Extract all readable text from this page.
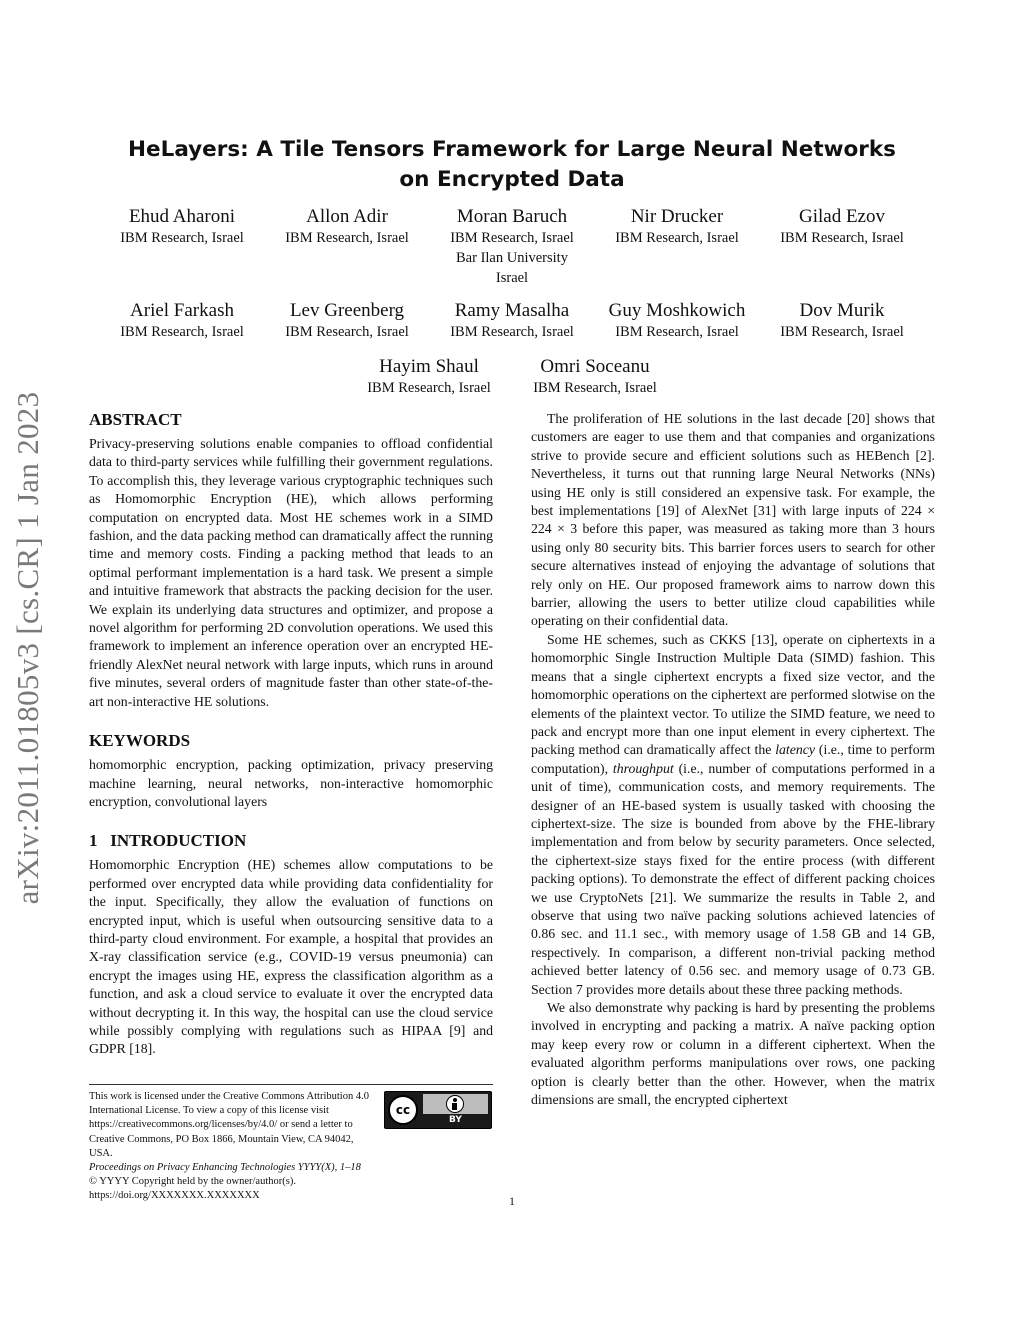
HeLayers: A Tile Tensors Framework for Large Neural Networks on Encrypted Data
arXiv:2011.01805v3 [cs.CR] 1 Jan 2023
Ehud Aharoni
IBM Research, Israel
Allon Adir
IBM Research, Israel
Moran Baruch
IBM Research, Israel
Bar Ilan University
Israel
Nir Drucker
IBM Research, Israel
Gilad Ezov
IBM Research, Israel
Ariel Farkash
IBM Research, Israel
Lev Greenberg
IBM Research, Israel
Ramy Masalha
IBM Research, Israel
Guy Moshkowich
IBM Research, Israel
Dov Murik
IBM Research, Israel
Hayim Shaul
IBM Research, Israel
Omri Soceanu
IBM Research, Israel
ABSTRACT

Privacy-preserving solutions enable companies to offload confidential data to third-party services while fulfilling their government regulations. To accomplish this, they leverage various cryptographic techniques such as Homomorphic Encryption (HE), which allows performing computation on encrypted data. Most HE schemes work in a SIMD fashion, and the data packing method can dramatically affect the running time and memory costs. Finding a packing method that leads to an optimal performant implementation is a hard task. We present a simple and intuitive framework that abstracts the packing decision for the user. We explain its underlying data structures and optimizer, and propose a novel algorithm for performing 2D convolution operations. We used this framework to implement an inference operation over an encrypted HE-friendly AlexNet neural network with large inputs, which runs in around five minutes, several orders of magnitude faster than other state-of-the-art non-interactive HE solutions.

KEYWORDS

homomorphic encryption, packing optimization, privacy preserving machine learning, neural networks, non-interactive homomorphic encryption, convolutional layers

1   INTRODUCTION

Homomorphic Encryption (HE) schemes allow computations to be performed over encrypted data while providing data confidentiality for the input. Specifically, they allow the evaluation of functions on encrypted input, which is useful when outsourcing sensitive data to a third-party cloud environment. For example, a hospital that provides an X-ray classification service (e.g., COVID-19 versus pneumonia) can encrypt the images using HE, express the classification algorithm as a function, and ask a cloud service to evaluate it over the encrypted data without decrypting it. In this way, the hospital can use the cloud service while possibly complying with regulations such as HIPAA [9] and GDPR [18].

The proliferation of HE solutions in the last decade [20] shows that customers are eager to use them and that companies and organizations strive to provide secure and efficient solutions such as HEBench [2]. Nevertheless, it turns out that running large Neural Networks (NNs) using HE only is still considered an expensive task. For example, the best implementations [19] of AlexNet [31] with large inputs of 224 × 224 × 3 before this paper, was measured as taking more than 3 hours using only 80 security bits. This barrier forces users to search for other secure alternatives instead of enjoying the advantage of solutions that rely only on HE. Our proposed framework aims to narrow down this barrier, allowing the users to better utilize cloud capabilities while operating on their confidential data.

Some HE schemes, such as CKKS [13], operate on ciphertexts in a homomorphic Single Instruction Multiple Data (SIMD) fashion. This means that a single ciphertext encrypts a fixed size vector, and the homomorphic operations on the ciphertext are performed slotwise on the elements of the plaintext vector. To utilize the SIMD feature, we need to pack and encrypt more than one input element in every ciphertext. The packing method can dramatically affect the latency (i.e., time to perform computation), throughput (i.e., number of computations performed in a unit of time), communication costs, and memory requirements. The designer of an HE-based system is usually tasked with choosing the ciphertext-size. The size is bounded from above by the FHE-library implementation and from below by security parameters. Once selected, the ciphertext-size stays fixed for the entire process (with different packing options). To demonstrate the effect of different packing choices we use CryptoNets [21]. We summarize the results in Table 2, and observe that using two naïve packing solutions achieved latencies of 0.86 sec. and 11.1 sec., with memory usage of 1.58 GB and 14 GB, respectively. In comparison, a different non-trivial packing method achieved better latency of 0.56 sec. and memory usage of 0.73 GB. Section 7 provides more details about these three packing methods.

We also demonstrate why packing is hard by presenting the problems involved in encrypting and packing a matrix. A naïve packing option may keep every row or column in a different ciphertext. When the evaluated algorithm performs manipulations over rows, one packing option is clearly better than the other. However, when the matrix dimensions are small, the encrypted ciphertext

This work is licensed under the Creative Commons Attribution 4.0 International License. To view a copy of this license visit https://creativecommons.org/licenses/by/4.0/ or send a letter to Creative Commons, PO Box 1866, Mountain View, CA 94042, USA.
Proceedings on Privacy Enhancing Technologies YYYY(X), 1–18
© YYYY Copyright held by the owner/author(s).
https://doi.org/XXXXXXX.XXXXXXX
cc
BY
1
